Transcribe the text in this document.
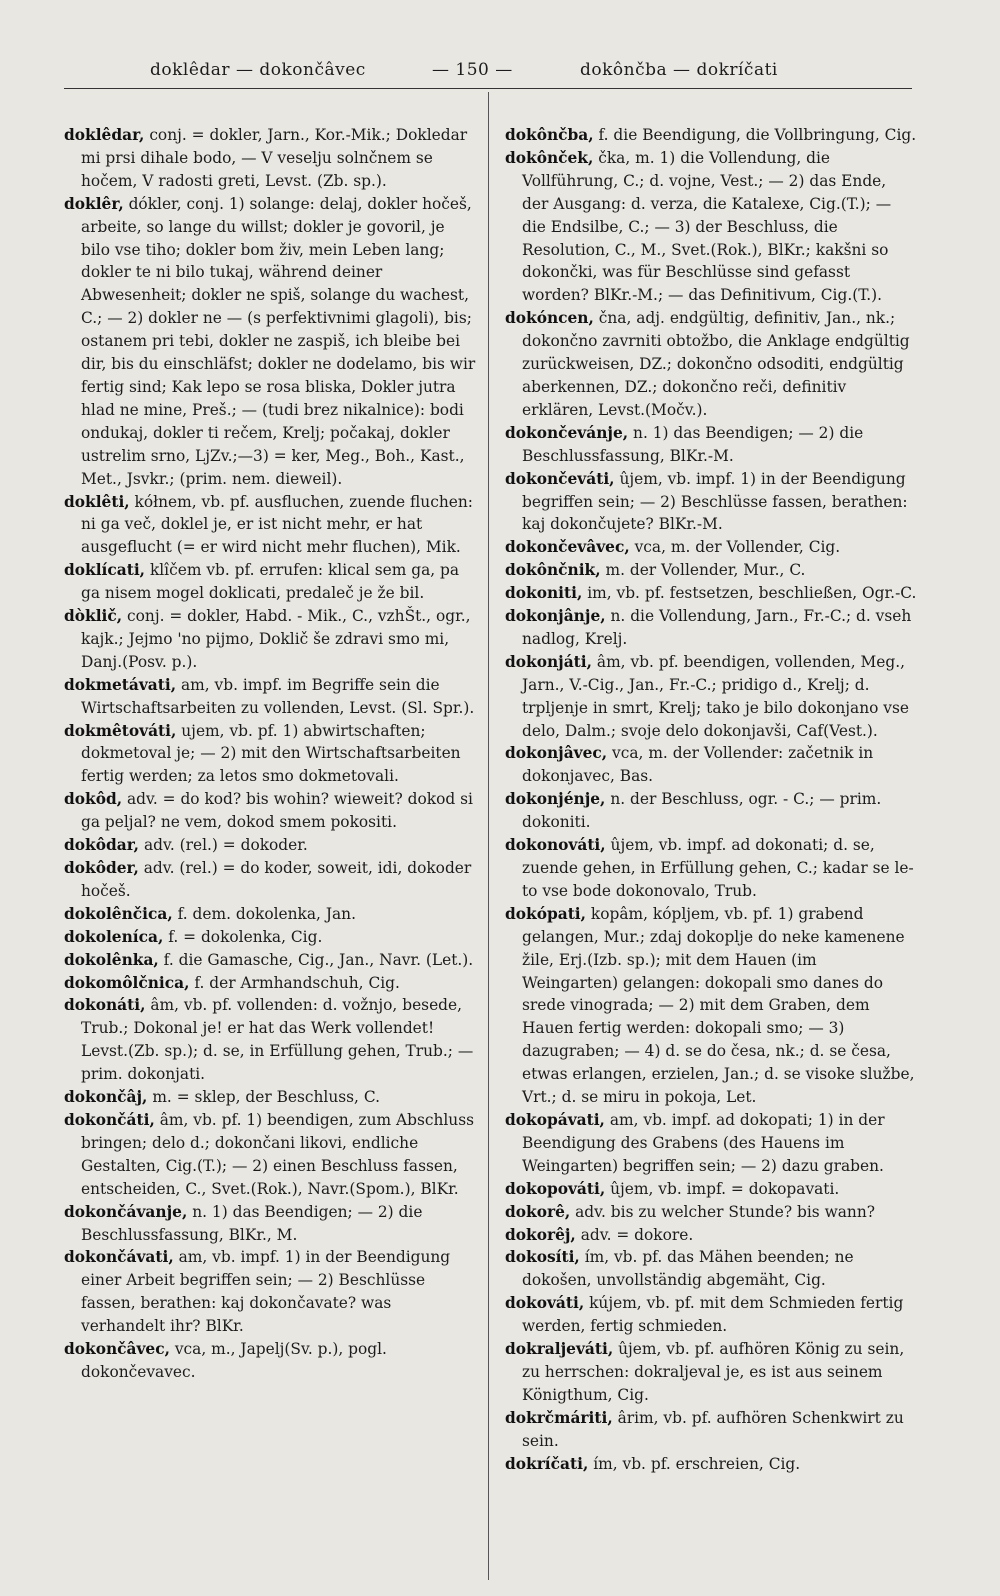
doklêdar — dokončâvec	— 150 —	dokônčba — dokríčati

doklêdar, conj. = dokler, Jarn., Kor.-Mik.; Dokledar mi prsi dihale bodo, — V veselju solnčnem se hočem, V radosti greti, Levst. (Zb. sp.).

doklêr, dókler, conj. 1) solange: delaj, dokler hočeš, arbeite, so lange du willst; dokler je govoril, je bilo vse tiho; dokler bom živ, mein Leben lang; dokler te ni bilo tukaj, während deiner Abwesenheit; dokler ne spiš, solange du wachest, C.; — 2) dokler ne — (s perfektivnimi glagoli), bis; ostanem pri tebi, dokler ne zaspiš, ich bleibe bei dir, bis du einschläfst; dokler ne dodelamo, bis wir fertig sind; Kak lepo se rosa bliska, Dokler jutra hlad ne mine, Preš.; — (tudi brez nikalnice): bodi ondukaj, dokler ti rečem, Krelj; počakaj, dokler ustrelim srno, LjZv.;—3) = ker, Meg., Boh., Kast., Met., Jsvkr.; (prim. nem. dieweil).

doklêti, kółnem, vb. pf. ausfluchen, zuende fluchen: ni ga več, doklel je, er ist nicht mehr, er hat ausgeflucht (= er wird nicht mehr fluchen), Mik.

doklícati, klîčem vb. pf. errufen: klical sem ga, pa ga nisem mogel doklicati, predaleč je že bil.

dòklič, conj. = dokler, Habd. - Mik., C., vzhŠt., ogr., kajk.; Jejmo 'no pijmo, Doklič še zdravi smo mi, Danj.(Posv. p.).

dokmetávati, am, vb. impf. im Begriffe sein die Wirtschaftsarbeiten zu vollenden, Levst. (Sl. Spr.).

dokmêtováti, ujem, vb. pf. 1) abwirtschaften; dokmetoval je; — 2) mit den Wirtschaftsarbeiten fertig werden; za letos smo dokmetovali.

dokôd, adv. = do kod? bis wohin? wieweit? dokod si ga peljal? ne vem, dokod smem pokositi.

dokôdar, adv. (rel.) = dokoder.

dokôder, adv. (rel.) = do koder, soweit, idi, dokoder hočeš.

dokolênčica, f. dem. dokolenka, Jan.

dokoleníca, f. = dokolenka, Cig.

dokolênka, f. die Gamasche, Cig., Jan., Navr. (Let.).

dokomôlčnica, f. der Armhandschuh, Cig.

dokonáti, âm, vb. pf. vollenden: d. vožnjo, besede, Trub.; Dokonal je! er hat das Werk vollendet! Levst.(Zb. sp.); d. se, in Erfüllung gehen, Trub.; — prim. dokonjati.

dokončâj, m. = sklep, der Beschluss, C.

dokončáti, âm, vb. pf. 1) beendigen, zum Abschluss bringen; delo d.; dokončani likovi, endliche Gestalten, Cig.(T.); — 2) einen Beschluss fassen, entscheiden, C., Svet.(Rok.), Navr.(Spom.), BlKr.

dokončávanje, n. 1) das Beendigen; — 2) die Beschlussfassung, BlKr., M.

dokončávati, am, vb. impf. 1) in der Beendigung einer Arbeit begriffen sein; — 2) Beschlüsse fassen, berathen: kaj dokončavate? was verhandelt ihr? BlKr.

dokončâvec, vca, m., Japelj(Sv. p.), pogl. dokončevavec.

dokônčba, f. die Beendigung, die Vollbringung, Cig.

dokônček, čka, m. 1) die Vollendung, die Vollführung, C.; d. vojne, Vest.; — 2) das Ende, der Ausgang: d. verza, die Katalexe, Cig.(T.); — die Endsilbe, C.; — 3) der Beschluss, die Resolution, C., M., Svet.(Rok.), BlKr.; kakšni so dokončki, was für Beschlüsse sind gefasst worden? BlKr.-M.; — das Definitivum, Cig.(T.).

dokóncen, čna, adj. endgültig, definitiv, Jan., nk.; dokončno zavrniti obtožbo, die Anklage endgültig zurückweisen, DZ.; dokončno odsoditi, endgültig aberkennen, DZ.; dokončno reči, definitiv erklären, Levst.(Močv.).

dokončevánje, n. 1) das Beendigen; — 2) die Beschlussfassung, BlKr.-M.

dokončeváti, ûjem, vb. impf. 1) in der Beendigung begriffen sein; — 2) Beschlüsse fassen, berathen: kaj dokončujete? BlKr.-M.

dokončevâvec, vca, m. der Vollender, Cig.

dokônčnik, m. der Vollender, Mur., C.

dokoniti, im, vb. pf. festsetzen, beschließen, Ogr.-C.

dokonjânje, n. die Vollendung, Jarn., Fr.-C.; d. vseh nadlog, Krelj.

dokonjáti, âm, vb. pf. beendigen, vollenden, Meg., Jarn., V.-Cig., Jan., Fr.-C.; pridigo d., Krelj; d. trpljenje in smrt, Krelj; tako je bilo dokonjano vse delo, Dalm.; svoje delo dokonjavši, Caf(Vest.).

dokonjâvec, vca, m. der Vollender: začetnik in dokonjavec, Bas.

dokonjénje, n. der Beschluss, ogr. - C.; — prim. dokoniti.

dokonováti, ûjem, vb. impf. ad dokonati; d. se, zuende gehen, in Erfüllung gehen, C.; kadar se le-to vse bode dokonovalo, Trub.

dokópati, kopâm, kópljem, vb. pf. 1) grabend gelangen, Mur.; zdaj dokoplje do neke kamenene žile, Erj.(Izb. sp.); mit dem Hauen (im Weingarten) gelangen: dokopali smo danes do srede vinograda; — 2) mit dem Graben, dem Hauen fertig werden: dokopali smo; — 3) dazugraben; — 4) d. se do česa, nk.; d. se česa, etwas erlangen, erzielen, Jan.; d. se visoke službe, Vrt.; d. se miru in pokoja, Let.

dokopávati, am, vb. impf. ad dokopati; 1) in der Beendigung des Grabens (des Hauens im Weingarten) begriffen sein; — 2) dazu graben.

dokopováti, ûjem, vb. impf. = dokopavati.

dokorê, adv. bis zu welcher Stunde? bis wann?

dokorêj, adv. = dokore.

dokosíti, ím, vb. pf. das Mähen beenden; ne dokošen, unvollständig abgemäht, Cig.

dokováti, kújem, vb. pf. mit dem Schmieden fertig werden, fertig schmieden.

dokraljeváti, ûjem, vb. pf. aufhören König zu sein, zu herrschen: dokraljeval je, es ist aus seinem Königthum, Cig.

dokrčmáriti, ârim, vb. pf. aufhören Schenkwirt zu sein.

dokríčati, ím, vb. pf. erschreien, Cig.
